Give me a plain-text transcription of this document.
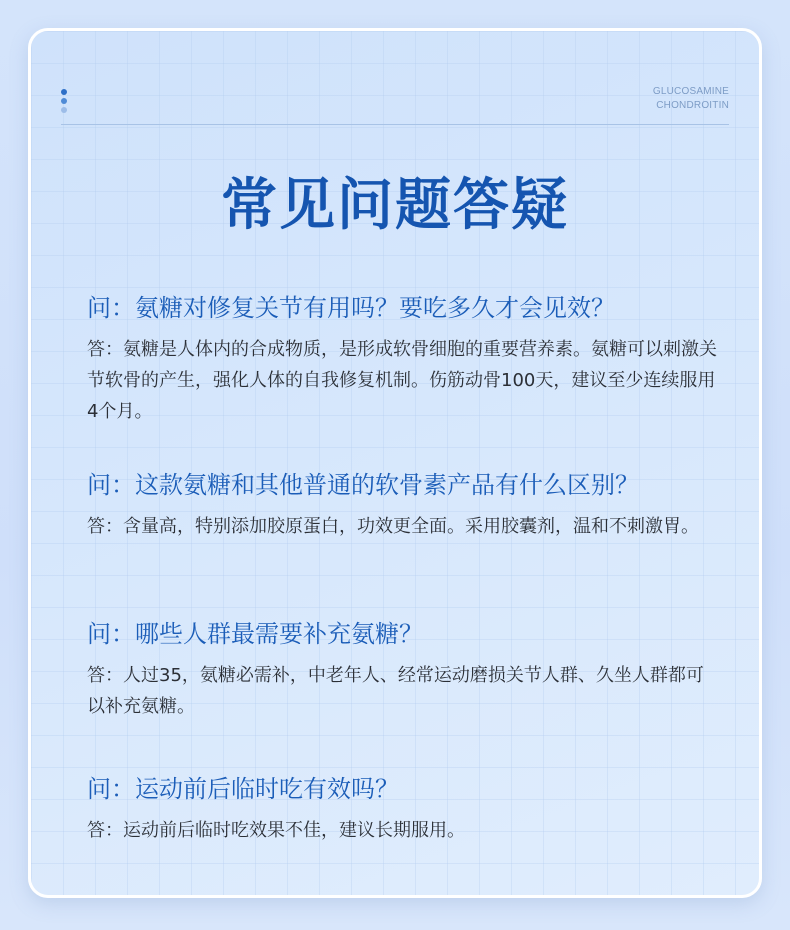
GLUCOSAMINE
CHONDROITIN
常见问题答疑
问：氨糖对修复关节有用吗？要吃多久才会见效？
答：氨糖是人体内的合成物质，是形成软骨细胞的重要营养素。氨糖可以刺激关节软骨的产生，强化人体的自我修复机制。伤筋动骨100天，建议至少连续服用4个月。
问：这款氨糖和其他普通的软骨素产品有什么区别？
答：含量高，特别添加胶原蛋白，功效更全面。采用胶囊剂，温和不刺激胃。
问：哪些人群最需要补充氨糖？
答：人过35，氨糖必需补，中老年人、经常运动磨损关节人群、久坐人群都可以补充氨糖。
问：运动前后临时吃有效吗？
答：运动前后临时吃效果不佳，建议长期服用。
